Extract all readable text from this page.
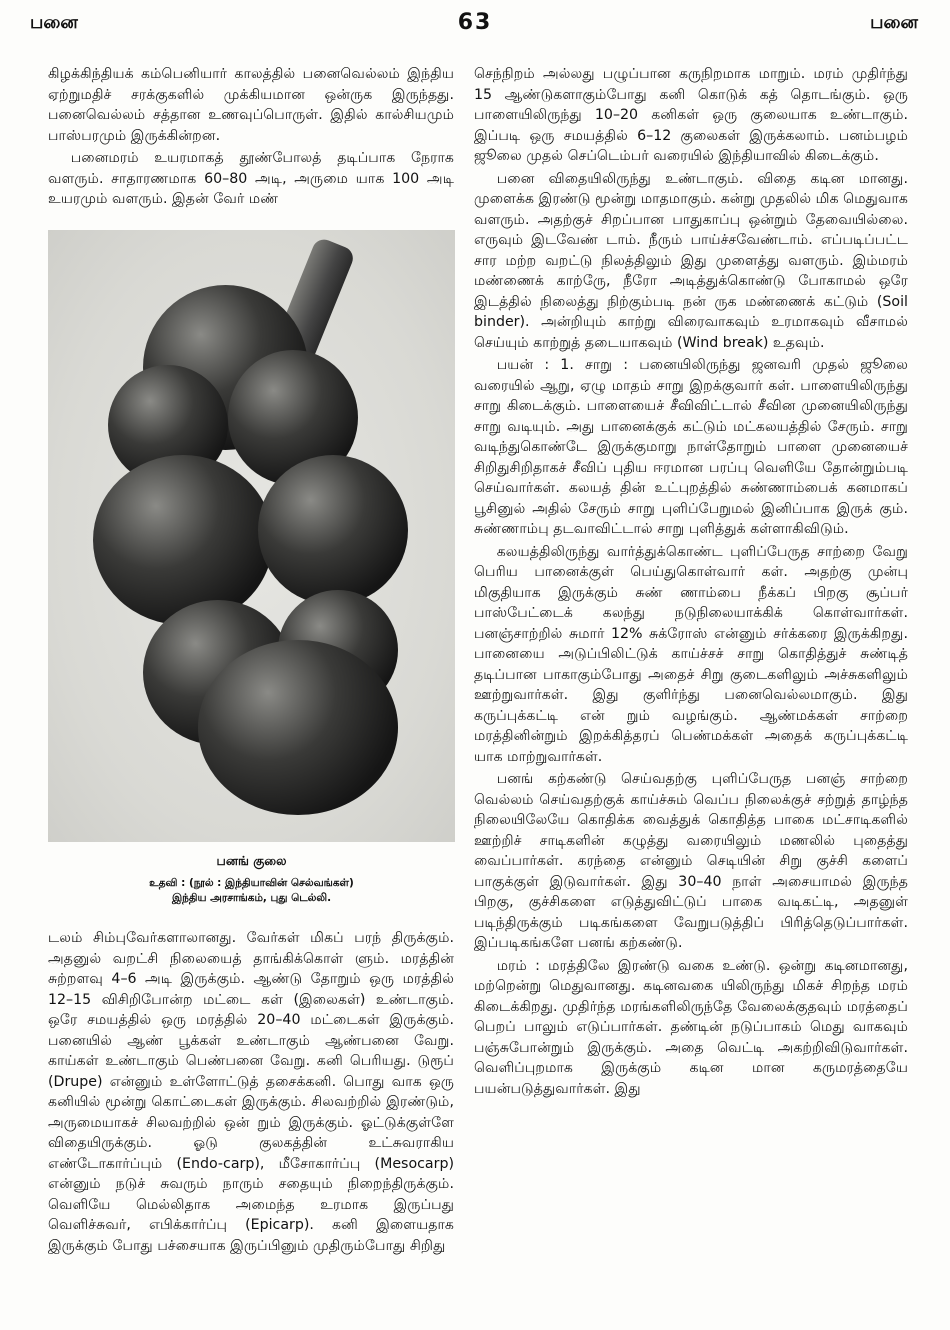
பனை	63	பனை

கிழக்கிந்தியக் கம்பெனியார் காலத்தில் பனைவெல்லம் இந்திய ஏற்றுமதிச் சரக்குகளில் முக்கியமான ஒன்ருக இருந்தது. பனைவெல்லம் சத்தான உணவுப்பொருள். இதில் கால்சியமும் பாஸ்பரமும் இருக்கின்றன.

பனைமரம் உயரமாகத் தூண்போலத் தடிப்பாக நேராக வளரும். சாதாரணமாக 60–80 அடி, அருமை யாக 100 அடி உயரமும் வளரும். இதன் வேர் மண்

பனங் குலை
உதவி : (நூல் : இந்தியாவின் செல்வங்கள்)
இந்திய அரசாங்கம், புது டெல்லி.

டலம் சிம்புவேர்களாலானது. வேர்கள் மிகப் பரந் திருக்கும். அதனுல் வறட்சி நிலையைத் தாங்கிக்கொள் ளும். மரத்தின் சுற்றளவு 4–6 அடி இருக்கும். ஆண்டு தோறும் ஒரு மரத்தில் 12–15 விசிறிபோன்ற மட்டை கள் (இலைகள்) உண்டாகும். ஒரே சமயத்தில் ஒரு மரத்தில் 20–40 மட்டைகள் இருக்கும். பனையில் ஆண் பூக்கள் உண்டாகும் ஆண்பனை வேறு. காய்கள் உண்டாகும் பெண்பனை வேறு. கனி பெரியது. டுரூப் (Drupe) என்னும் உள்ளோட்டுத் தசைக்கனி. பொது வாக ஒரு கனியில் மூன்று கொட்டைகள் இருக்கும். சிலவற்றில் இரண்டும், அருமையாகச் சிலவற்றில் ஒன் றும் இருக்கும். ஓட்டுக்குள்ளே விதையிருக்கும். ஓடு குலகத்தின் உட்சுவராகிய எண்டோகார்ப்பும் (Endo-carp), மீசோகார்ப்பு (Mesocarp) என்னும் நடுச் சுவரும் நாரும் சதையும் நிறைந்திருக்கும். வெளியே மெல்லிதாக அமைந்த உரமாக இருப்பது வெளிச்சுவர், எபிக்கார்ப்பு (Epicarp). கனி இளையதாக இருக்கும் போது பச்சையாக இருப்பினும் முதிரும்போது சிறிது

செந்நிறம் அல்லது பழுப்பான கருநிறமாக மாறும். மரம் முதிர்ந்து 15 ஆண்டுகளாகும்போது கனி கொடுக் கத் தொடங்கும். ஒரு பாளையிலிருந்து 10–20 கனிகள் ஒரு குலையாக உண்டாகும். இப்படி ஒரு சமயத்தில் 6–12 குலைகள் இருக்கலாம். பனம்பழம் ஜூலை முதல் செப்டெம்பர் வரையில் இந்தியாவில் கிடைக்கும்.

பனை விதையிலிருந்து உண்டாகும். விதை கடின மானது. முளைக்க இரண்டு மூன்று மாதமாகும். கன்று முதலில் மிக மெதுவாக வளரும். அதற்குச் சிறப்பான பாதுகாப்பு ஒன்றும் தேவையில்லை. எருவும் இடவேண் டாம். நீரும் பாய்ச்சவேண்டாம். எப்படிப்பட்ட சார மற்ற வறட்டு நிலத்திலும் இது முளைத்து வளரும். இம்மரம் மண்ணைக் காற்ருே, நீரோ அடித்துக்கொண்டு போகாமல் ஒரே இடத்தில் நிலைத்து நிற்கும்படி நன் ருக மண்ணைக் கட்டும் (Soil binder). அன்றியும் காற்று விரைவாகவும் உரமாகவும் வீசாமல் செய்யும் காற்றுத் தடையாகவும் (Wind break) உதவும்.

பயன் : 1. சாறு : பனையிலிருந்து ஜனவரி முதல் ஜூலை வரையில் ஆறு, ஏழு மாதம் சாறு இறக்குவார் கள். பாளையிலிருந்து சாறு கிடைக்கும். பாளையைச் சீவிவிட்டால் சீவின முனையிலிருந்து சாறு வடியும். அது பானைக்குக் கட்டும் மட்கலயத்தில் சேரும். சாறு வடிந்துகொண்டே இருக்குமாறு நாள்தோறும் பாளை முனையைச் சிறிதுசிறிதாகச் சீவிப் புதிய ஈரமான பரப்பு வெளியே தோன்றும்படி செய்வார்கள். கலயத் தின் உட்புறத்தில் சுண்ணாம்பைக் கனமாகப் பூசினுல் அதில் சேரும் சாறு புளிப்பேறுமல் இனிப்பாக இருக் கும். சுண்ணாம்பு தடவாவிட்டால் சாறு புளித்துக் கள்ளாகிவிடும்.

கலயத்திலிருந்து வார்த்துக்கொண்ட புளிப்பேருத சாற்றை வேறு பெரிய பானைக்குள் பெய்துகொள்வார் கள். அதற்கு முன்பு மிகுதியாக இருக்கும் சுண் ணாம்பை நீக்கப் பிறகு சூப்பர் பாஸ்பேட்டைக் கலந்து நடுநிலையாக்கிக் கொள்வார்கள். பனஞ்சாற்றில் சுமார் 12% சுக்ரோஸ் என்னும் சர்க்கரை இருக்கிறது. பானையை அடுப்பிலிட்டுக் காய்ச்சச் சாறு கொதித்துச் சுண்டித் தடிப்பான பாகாகும்போது அதைச் சிறு குடைகளிலும் அச்சுகளிலும் ஊற்றுவார்கள். இது குளிர்ந்து பனைவெல்லமாகும். இது கருப்புக்கட்டி என் றும் வழங்கும். ஆண்மக்கள் சாற்றை மரத்தினின்றும் இறக்கித்தரப் பெண்மக்கள் அதைக் கருப்புக்கட்டி யாக மாற்றுவார்கள்.

பனங் கற்கண்டு செய்வதற்கு புளிப்பேருத பனஞ் சாற்றை வெல்லம் செய்வதற்குக் காய்ச்சும் வெப்ப நிலைக்குச் சற்றுத் தாழ்ந்த நிலையிலேயே கொதிக்க வைத்துக் கொதித்த பாகை மட்சாடிகளில் ஊற்றிச் சாடிகளின் கழுத்து வரையிலும் மணலில் புதைத்து வைப்பார்கள். கரந்தை என்னும் செடியின் சிறு குச்சி களைப் பாகுக்குள் இடுவார்கள். இது 30–40 நாள் அசையாமல் இருந்த பிறகு, குச்சிகளை எடுத்துவிட்டுப் பாகை வடிகட்டி, அதனுள் படிந்திருக்கும் படிகங்களை வேறுபடுத்திப் பிரித்தெடுப்பார்கள். இப்படிகங்களே பனங் கற்கண்டு.

மரம் : மரத்திலே இரண்டு வகை உண்டு. ஒன்று கடினமானது, மற்றென்று மெதுவானது. கடினவகை யிலிருந்து மிகச் சிறந்த மரம் கிடைக்கிறது. முதிர்ந்த மரங்களிலிருந்தே வேலைக்குதவும் மரத்தைப் பெறப் பாலும் எடுப்பார்கள். தண்டின் நடுப்பாகம் மெது வாகவும் பஞ்சுபோன்றும் இருக்கும். அதை வெட்டி அகற்றிவிடுவார்கள். வெளிப்புறமாக இருக்கும் கடின மான கருமரத்தையே பயன்படுத்துவார்கள். இது
